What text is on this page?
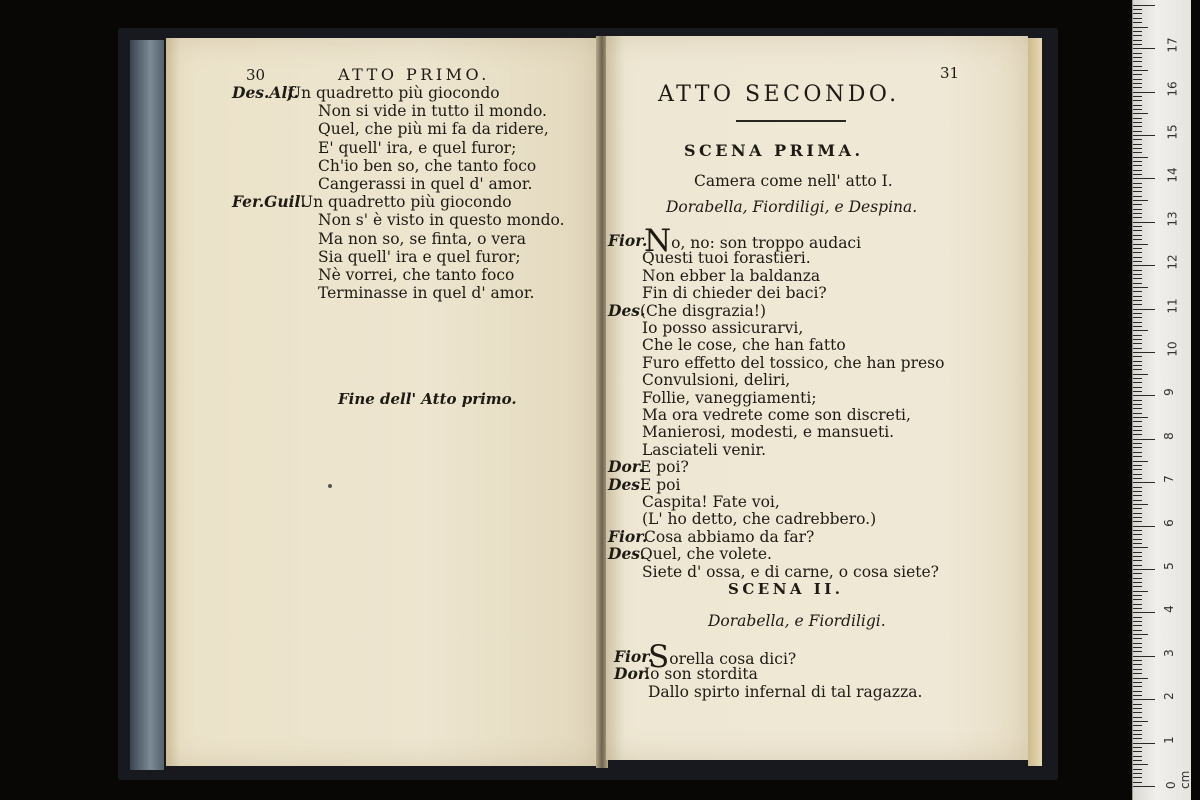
30	ATTO PRIMO.
Des.Alf.
Un quadretto più giocondo
Non si vide in tutto il mondo.
Quel, che più mi fa da ridere,
E' quell' ira, e quel furor;
Ch'io ben so, che tanto foco
Cangerassi in quel d' amor.
Fer.Guil.
Un quadretto più giocondo
Non s' è visto in questo mondo.
Ma non so, se finta, o vera
Sia quell' ira e quel furor;
Nè vorrei, che tanto foco
Terminasse in quel d' amor.
Fine dell' Atto primo.
31
ATTO SECONDO.
SCENA PRIMA.
Camera come nell' atto I.
Dorabella, Fiordiligi, e Despina.
Fior.
No, no: son troppo audaci
Questi tuoi forastieri.
Non ebber la baldanza
Fin di chieder dei baci?
Des.
(Che disgrazia!)
Io posso assicurarvi,
Che le cose, che han fatto
Furo effetto del tossico, che han preso
Convulsioni, deliri,
Follie, vaneggiamenti;
Ma ora vedrete come son discreti,
Manierosi, modesti, e mansueti.
Lasciateli venir.
Dor.
E poi?
Des.
E poi
Caspita! Fate voi,
(L' ho detto, che cadrebbero.)
Fior.
Cosa abbiamo da far?
Des.
Quel, che volete.
Siete d' ossa, e di carne, o cosa siete?
SCENA II.
Dorabella, e Fiordiligi.
Fior.
Sorella cosa dici?
Dor.
Io son stordita
Dallo spirto infernal di tal ragazza.
0 cm
1
2
3
4
5
6
7
8
9
10
11
12
13
14
15
16
17
